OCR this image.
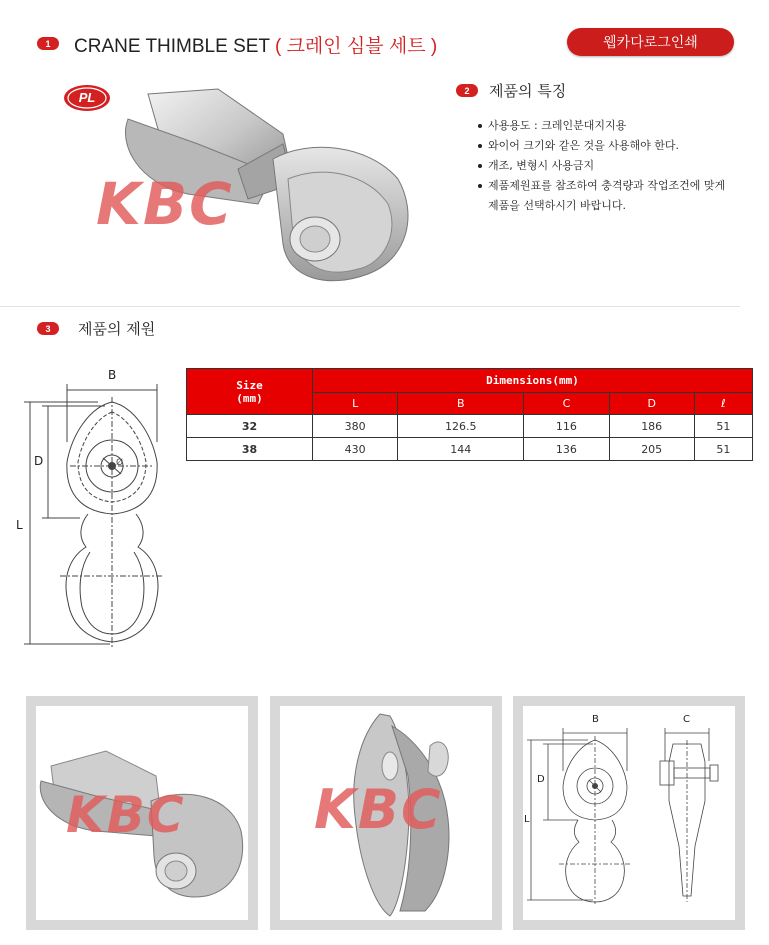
1	CRANE THIMBLE SET ( 크레인 심블 세트 )	웹카다로그인쇄
PL
KBC
2	제품의 특징
사용용도 : 크레인분대지지용
와이어 크기와 같은 것을 사용해야 한다.
개조, 변형시 사용금지
제품제원표를 참조하여 충격량과 작업조건에 맞게
제품을 선택하시기 바랍니다.
3	제품의 제원
B
D
L
Ø
Size
(mm)	Dimensions(mm)				
	L	B	C	D	ℓ
32	380	126.5	116	186	51
38	430	144	136	205	51
KBC KBC
B	C
D
L
